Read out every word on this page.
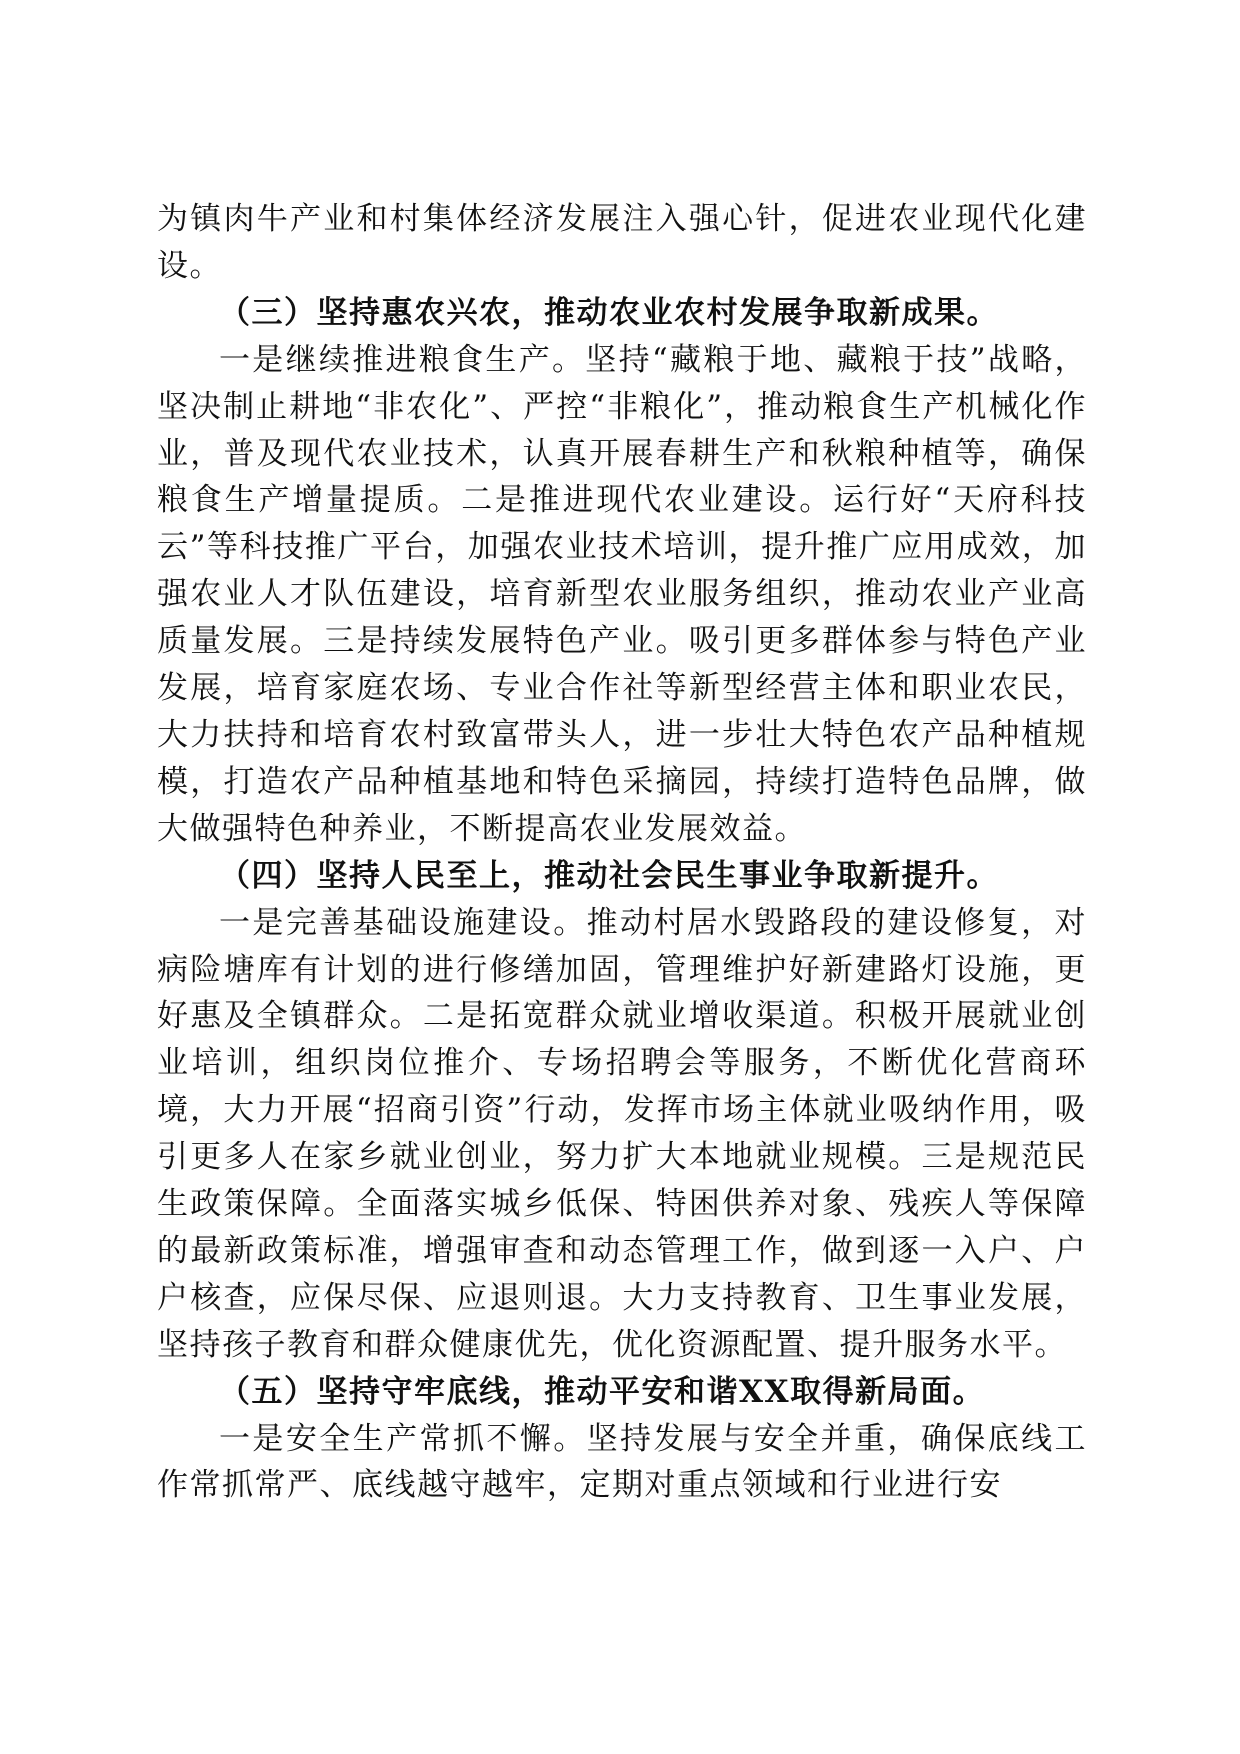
为镇肉牛产业和村集体经济发展注入强心针，促进农业现代化建设。

（三）坚持惠农兴农，推动农业农村发展争取新成果。

一是继续推进粮食生产。坚持“藏粮于地、藏粮于技”战略，坚决制止耕地“非农化”、严控“非粮化”，推动粮食生产机械化作业，普及现代农业技术，认真开展春耕生产和秋粮种植等，确保粮食生产增量提质。二是推进现代农业建设。运行好“天府科技云”等科技推广平台，加强农业技术培训，提升推广应用成效，加强农业人才队伍建设，培育新型农业服务组织，推动农业产业高质量发展。三是持续发展特色产业。吸引更多群体参与特色产业发展，培育家庭农场、专业合作社等新型经营主体和职业农民，大力扶持和培育农村致富带头人，进一步壮大特色农产品种植规模，打造农产品种植基地和特色采摘园，持续打造特色品牌，做大做强特色种养业，不断提高农业发展效益。

（四）坚持人民至上，推动社会民生事业争取新提升。

一是完善基础设施建设。推动村居水毁路段的建设修复，对病险塘库有计划的进行修缮加固，管理维护好新建路灯设施，更好惠及全镇群众。二是拓宽群众就业增收渠道。积极开展就业创业培训，组织岗位推介、专场招聘会等服务，不断优化营商环境，大力开展“招商引资”行动，发挥市场主体就业吸纳作用，吸引更多人在家乡就业创业，努力扩大本地就业规模。三是规范民生政策保障。全面落实城乡低保、特困供养对象、残疾人等保障的最新政策标准，增强审查和动态管理工作，做到逐一入户、户户核查，应保尽保、应退则退。大力支持教育、卫生事业发展，坚持孩子教育和群众健康优先，优化资源配置、提升服务水平。

（五）坚持守牢底线，推动平安和谐XX取得新局面。

一是安全生产常抓不懈。坚持发展与安全并重，确保底线工作常抓常严、底线越守越牢，定期对重点领域和行业进行安
